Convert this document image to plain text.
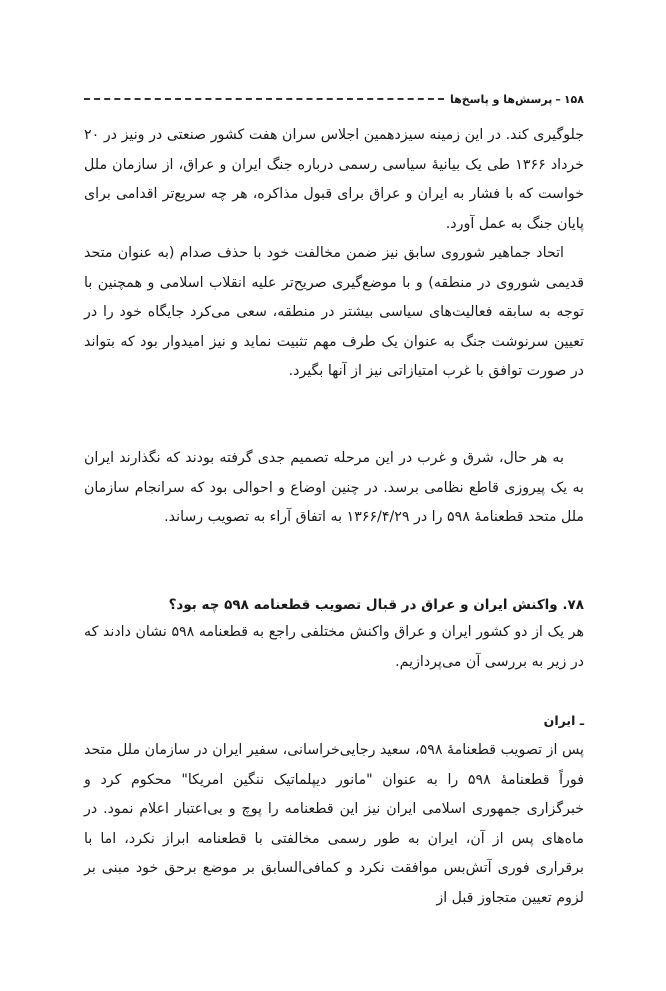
۱۵۸
–
پرسش‌ها و پاسخ‌ها

جلوگیری کند. در این زمینه سیزدهمین اجلاس سران هفت کشور صنعتی در ونیز در ۲۰ خرداد ۱۳۶۶ طی یک بیانیهٔ سیاسی رسمی درباره جنگ ایران و عراق، از سازمان ملل خواست که با فشار به ایران و عراق برای قبول مذاکره، هر چه سریع‌تر اقدامی برای پایان جنگ به عمل آورد.

اتحاد جماهیر شوروی سابق نیز ضمن مخالفت خود با حذف صدام (به عنوان متحد قدیمی شوروی در منطقه) و با موضع‌گیری صریح‌تر علیه انقلاب اسلامی و همچنین با توجه به سابقه فعالیت‌های سیاسی بیشتر در منطقه، سعی می‌کرد جایگاه خود را در تعیین سرنوشت جنگ به عنوان یک طرف مهم تثبیت نماید و نیز امیدوار بود که بتواند در صورت توافق با غرب امتیازاتی نیز از آنها بگیرد.

به هر حال، شرق و غرب در این مرحله تصمیم جدی گرفته بودند که نگذارند ایران به یک پیروزی قاطع نظامی برسد. در چنین اوضاع و احوالی بود که سرانجام سازمان ملل متحد قطعنامهٔ ۵۹۸ را در ۱۳۶۶/۴/۲۹ به اتفاق آراء به تصویب رساند.

۷۸. واکنش ایران و عراق در قبال تصویب قطعنامه ۵۹۸ چه بود؟

هر یک از دو کشور ایران و عراق واکنش مختلفی راجع به قطعنامه ۵۹۸ نشان دادند که در زیر به بررسی آن می‌پردازیم.

ـ ایران

پس از تصویب قطعنامهٔ ۵۹۸، سعید رجایی‌خراسانی، سفیر ایران در سازمان ملل متحد فوراً قطعنامهٔ ۵۹۸ را به عنوان "مانور دیپلماتیک ننگین امریکا" محکوم کرد و خبرگزاری جمهوری اسلامی ایران نیز این قطعنامه را پوچ و بی‌اعتبار اعلام نمود. در ماه‌های پس از آن، ایران به طور رسمی مخالفتی با قطعنامه ابراز نکرد، اما با برقراری فوری آتش‌بس موافقت نکرد و کمافی‌السابق بر موضع برحق خود مبنی بر لزوم تعیین متجاوز قبل از
